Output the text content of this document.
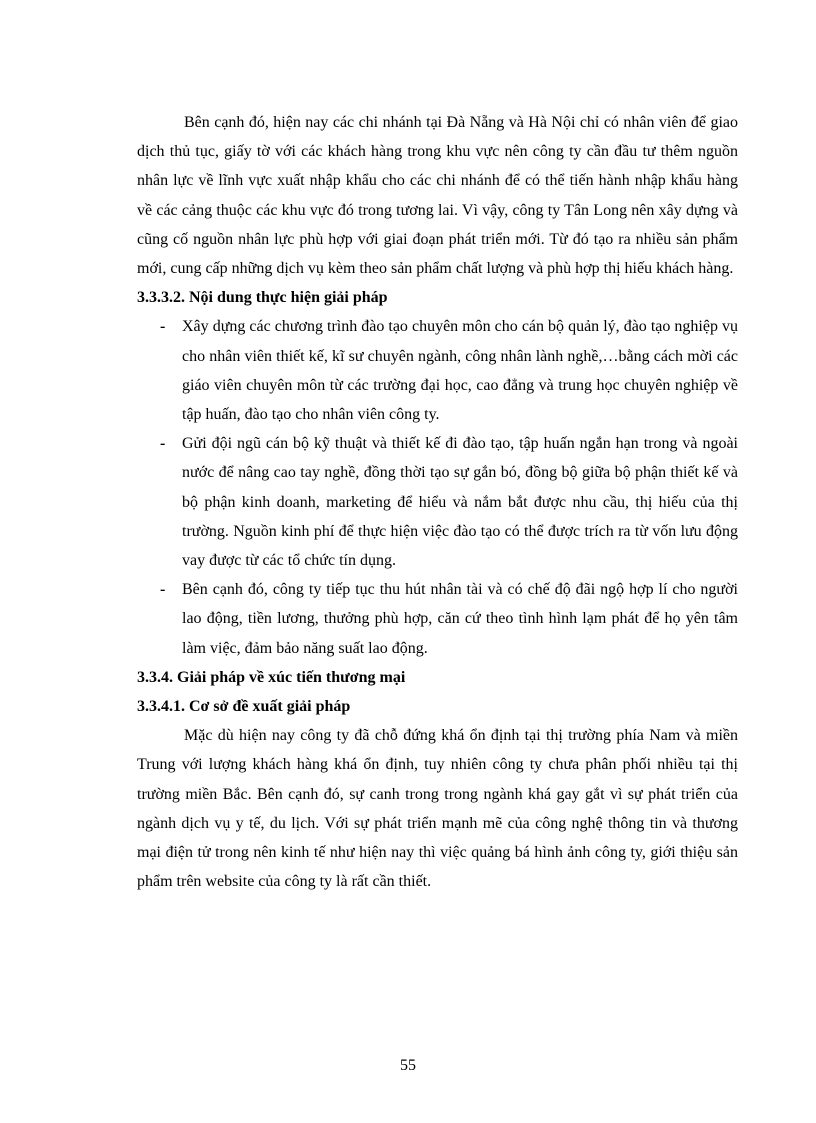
Bên cạnh đó, hiện nay các chi nhánh tại Đà Nẵng và Hà Nội chỉ có nhân viên để giao dịch thủ tục, giấy tờ với các khách hàng trong khu vực nên công ty cần đầu tư thêm nguồn nhân lực về lĩnh vực xuất nhập khẩu cho các chi nhánh để có thể tiến hành nhập khẩu hàng về các cảng thuộc các khu vực đó trong tương lai. Vì vậy, công ty Tân Long nên xây dựng và cũng cố nguồn nhân lực phù hợp với giai đoạn phát triển mới. Từ đó tạo ra nhiều sản phẩm mới, cung cấp những dịch vụ kèm theo sản phẩm chất lượng và phù hợp thị hiếu khách hàng.

3.3.3.2. Nội dung thực hiện giải pháp
- Xây dựng các chương trình đào tạo chuyên môn cho cán bộ quản lý, đào tạo nghiệp vụ cho nhân viên thiết kế, kĩ sư chuyên ngành, công nhân lành nghề,…bằng cách mời các giáo viên chuyên môn từ các trường đại học, cao đẳng và trung học chuyên nghiệp về tập huấn, đào tạo cho nhân viên công ty.
- Gửi đội ngũ cán bộ kỹ thuật và thiết kế đi đào tạo, tập huấn ngắn hạn trong và ngoài nước để nâng cao tay nghề, đồng thời tạo sự gắn bó, đồng bộ giữa bộ phận thiết kế và bộ phận kinh doanh, marketing để hiểu và nắm bắt được nhu cầu, thị hiếu của thị trường. Nguồn kinh phí để thực hiện việc đào tạo có thể được trích ra từ vốn lưu động vay được từ các tổ chức tín dụng.
- Bên cạnh đó, công ty tiếp tục thu hút nhân tài và có chế độ đãi ngộ hợp lí cho người lao động, tiền lương, thưởng phù hợp, căn cứ theo tình hình lạm phát để họ yên tâm làm việc, đảm bảo năng suất lao động.
3.3.4. Giải pháp về xúc tiến thương mại
3.3.4.1. Cơ sở đề xuất giải pháp

Mặc dù hiện nay công ty đã chỗ đứng khá ổn định tại thị trường phía Nam và miền Trung với lượng khách hàng khá ổn định, tuy nhiên công ty chưa phân phối nhiều tại thị trường miền Bắc. Bên cạnh đó, sự canh trong trong ngành khá gay gắt vì sự phát triển của ngành dịch vụ y tế, du lịch. Với sự phát triển mạnh mẽ của công nghệ thông tin và thương mại điện tử trong nên kinh tế như hiện nay thì việc quảng bá hình ảnh công ty, giới thiệu sản phẩm trên website của công ty là rất cần thiết.

55
